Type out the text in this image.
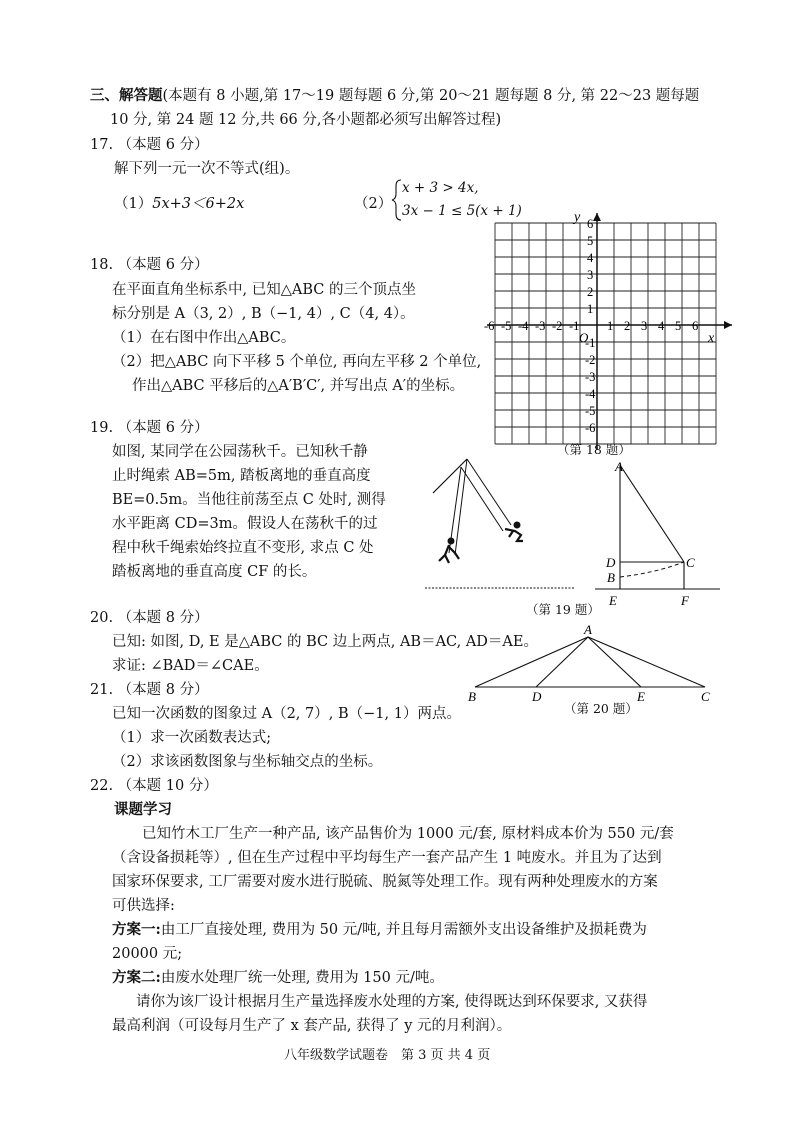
三、解答题(本题有 8 小题,第 17～19 题每题 6 分,第 20～21 题每题 8 分, 第 22～23 题每题
10 分, 第 24 题 12 分,共 66 分,各小题都必须写出解答过程)
17. （本题 6 分）
解下列一元一次不等式(组)。
（1）5x+3＜6+2x	（2）
x + 3 > 4x,
3x − 1 ≤ 5(x + 1)
18. （本题 6 分）
在平面直角坐标系中, 已知△ABC 的三个顶点坐
标分别是 A（3, 2）, B（−1, 4）, C（4, 4）。
（1）在右图中作出△ABC。
（2）把△ABC 向下平移 5 个单位, 再向左平移 2 个单位,
作出△ABC 平移后的△A′B′C′, 并写出点 A′的坐标。
x
y
O
-6 -5 -4 -3 -2 -1 1 2 3 4 5 6
6
5
4
3
2
1
-1
-2
-3
-4
-5
-6
（第 18 题）
19. （本题 6 分）
如图, 某同学在公园荡秋千。已知秋千静
止时绳索 AB=5m, 踏板离地的垂直高度
BE=0.5m。当他往前荡至点 C 处时, 测得
水平距离 CD=3m。假设人在荡秋千的过
程中秋千绳索始终拉直不变形, 求点 C 处
踏板离地的垂直高度 CF 的长。
A
D	C
B
E	F
（第 19 题）
20. （本题 8 分）
已知: 如图, D, E 是△ABC 的 BC 边上两点, AB＝AC, AD＝AE。
求证: ∠BAD＝∠CAE。
A
B	D	E	C
（第 20 题）
21. （本题 8 分）
已知一次函数的图象过 A（2, 7）, B（−1, 1）两点。
（1）求一次函数表达式;
（2）求该函数图象与坐标轴交点的坐标。
22. （本题 10 分）
课题学习
已知竹木工厂生产一种产品, 该产品售价为 1000 元/套, 原材料成本价为 550 元/套
（含设备损耗等）, 但在生产过程中平均每生产一套产品产生 1 吨废水。并且为了达到
国家环保要求, 工厂需要对废水进行脱硫、脱氮等处理工作。现有两种处理废水的方案
可供选择:
方案一:由工厂直接处理, 费用为 50 元/吨, 并且每月需额外支出设备维护及损耗费为
20000 元;
方案二:由废水处理厂统一处理, 费用为 150 元/吨。
请你为该厂设计根据月生产量选择废水处理的方案, 使得既达到环保要求, 又获得
最高利润（可设每月生产了 x 套产品, 获得了 y 元的月利润）。
八年级数学试题卷　第 3 页 共 4 页
